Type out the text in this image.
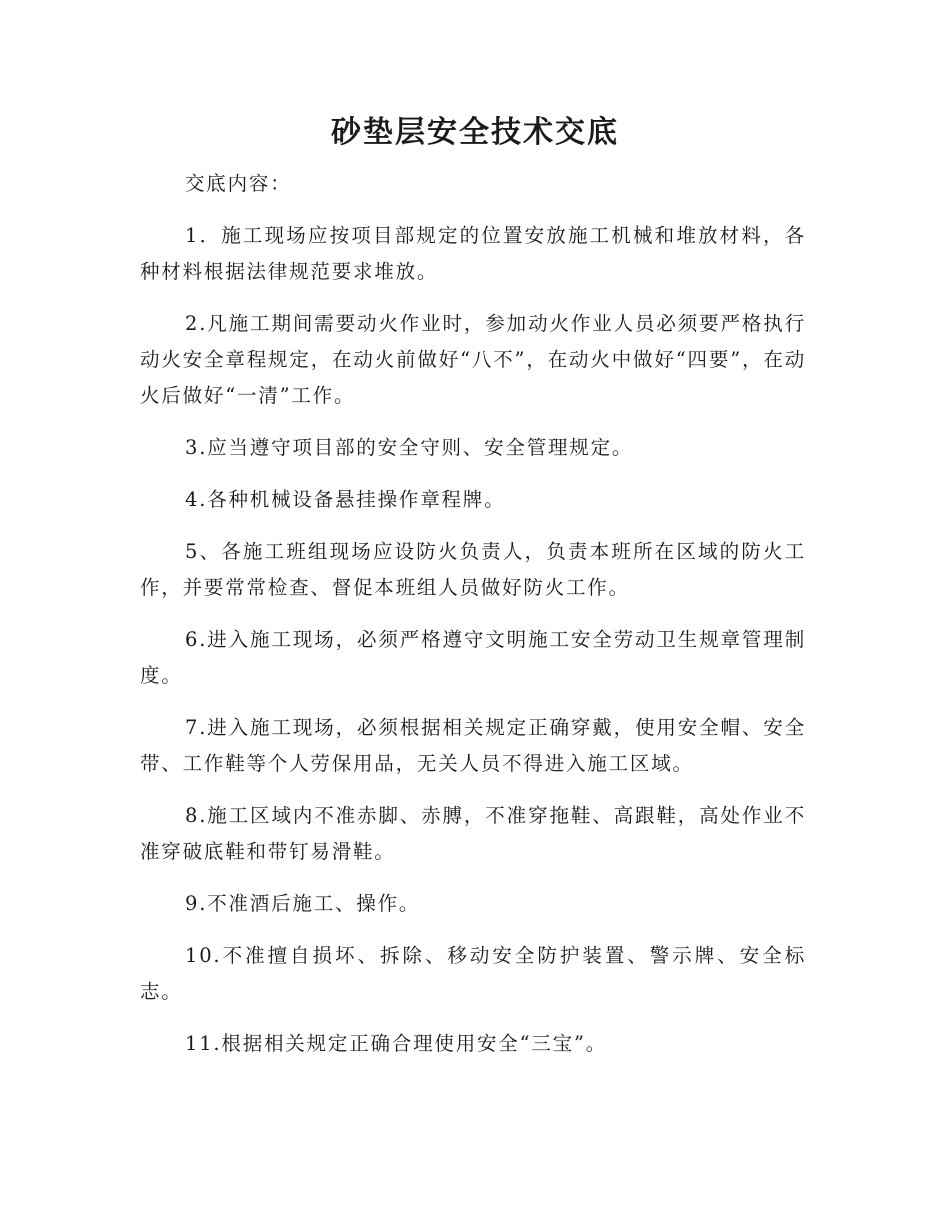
砂垫层安全技术交底

交底内容：

1．施工现场应按项目部规定的位置安放施工机械和堆放材料，各种材料根据法律规范要求堆放。

2.凡施工期间需要动火作业时，参加动火作业人员必须要严格执行动火安全章程规定，在动火前做好“八不”，在动火中做好“四要”，在动火后做好“一清”工作。

3.应当遵守项目部的安全守则、安全管理规定。

4.各种机械设备悬挂操作章程牌。

5、各施工班组现场应设防火负责人，负责本班所在区域的防火工作，并要常常检查、督促本班组人员做好防火工作。

6.进入施工现场，必须严格遵守文明施工安全劳动卫生规章管理制度。

7.进入施工现场，必须根据相关规定正确穿戴，使用安全帽、安全带、工作鞋等个人劳保用品，无关人员不得进入施工区域。

8.施工区域内不准赤脚、赤膊，不准穿拖鞋、高跟鞋，高处作业不准穿破底鞋和带钉易滑鞋。

9.不准酒后施工、操作。

10.不准擅自损坏、拆除、移动安全防护装置、警示牌、安全标志。

11.根据相关规定正确合理使用安全“三宝”。
